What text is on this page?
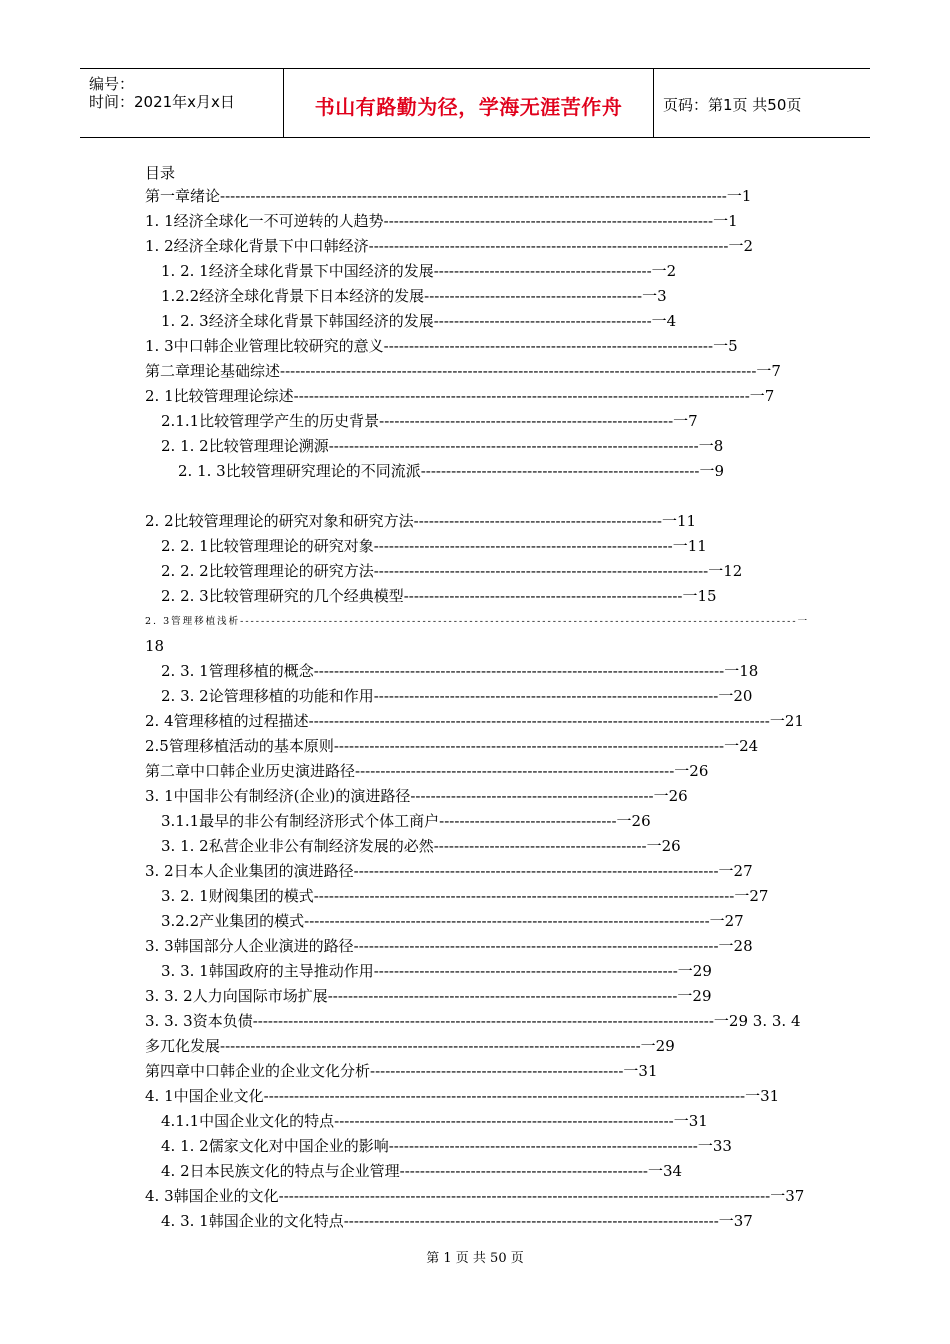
编号：
时间：2021年x月x日	书山有路勤为径，学海无涯苦作舟	页码：第1页 共50页
目录
第一章绪论----------------------------------------------------------------------------------------------------一1
1. 1经济全球化一不可逆转的人趋势-----------------------------------------------------------------一1
1. 2经济全球化背景下中口韩经济-----------------------------------------------------------------------一2
1. 2. 1经济全球化背景下中国经济的发展-------------------------------------------一2
1.2.2经济全球化背景下日本经济的发展-------------------------------------------一3
1. 2. 3经济全球化背景下韩国经济的发展-------------------------------------------一4
1. 3中口韩企业管理比较研究的意义-----------------------------------------------------------------一5
第二章理论基础综述----------------------------------------------------------------------------------------------一7
2. 1比较管理理论综述------------------------------------------------------------------------------------------一7
2.1.1比较管理学产生的历史背景----------------------------------------------------------一7
2. 1. 2比较管理理论溯源-------------------------------------------------------------------------一8
2. 1. 3比较管理研究理论的不同流派-------------------------------------------------------一9
2. 2比较管理理论的研究对象和研究方法-------------------------------------------------一11
2. 2. 1比较管理理论的研究对象-----------------------------------------------------------一11
2. 2. 2比较管理理论的研究方法------------------------------------------------------------------一12
2. 2. 3比较管理研究的几个经典模型-------------------------------------------------------一15
2. 3管理移植浅析-----------------------------------------------------------------------------------------------------------一
18
2. 3. 1管理移植的概念---------------------------------------------------------------------------------一18
2. 3. 2论管理移植的功能和作用--------------------------------------------------------------------一20
2. 4管理移植的过程描述-------------------------------------------------------------------------------------------一21
2.5管理移植活动的基本原则-----------------------------------------------------------------------------一24
第二章中口韩企业历史演进路径---------------------------------------------------------------一26
3. 1中国非公有制经济(企业)的演进路径------------------------------------------------一26
3.1.1最早的非公有制经济形式个体工商户-----------------------------------一26
3. 1. 2私营企业非公有制经济发展的必然------------------------------------------一26
3. 2日本人企业集团的演进路径------------------------------------------------------------------------一27
3. 2. 1财阀集团的模式-----------------------------------------------------------------------------------一27
3.2.2产业集团的模式--------------------------------------------------------------------------------一27
3. 3韩国部分人企业演进的路径------------------------------------------------------------------------一28
3. 3. 1韩国政府的主导推动作用------------------------------------------------------------一29
3. 3. 2人力向国际市场扩展---------------------------------------------------------------------一29
3. 3. 3资本负债-------------------------------------------------------------------------------------------一29 3. 3. 4
多兀化发展-----------------------------------------------------------------------------------一29
第四章中口韩企业的企业文化分析--------------------------------------------------一31
4. 1中国企业文化-----------------------------------------------------------------------------------------------一31
4.1.1中国企业文化的特点-------------------------------------------------------------------一31
4. 1. 2儒家文化对中国企业的影响-------------------------------------------------------------一33
4. 2日本民族文化的特点与企业管理-------------------------------------------------一34
4. 3韩国企业的文化-------------------------------------------------------------------------------------------------一37
4. 3. 1韩国企业的文化特点--------------------------------------------------------------------------一37
第 1 页 共 50 页
